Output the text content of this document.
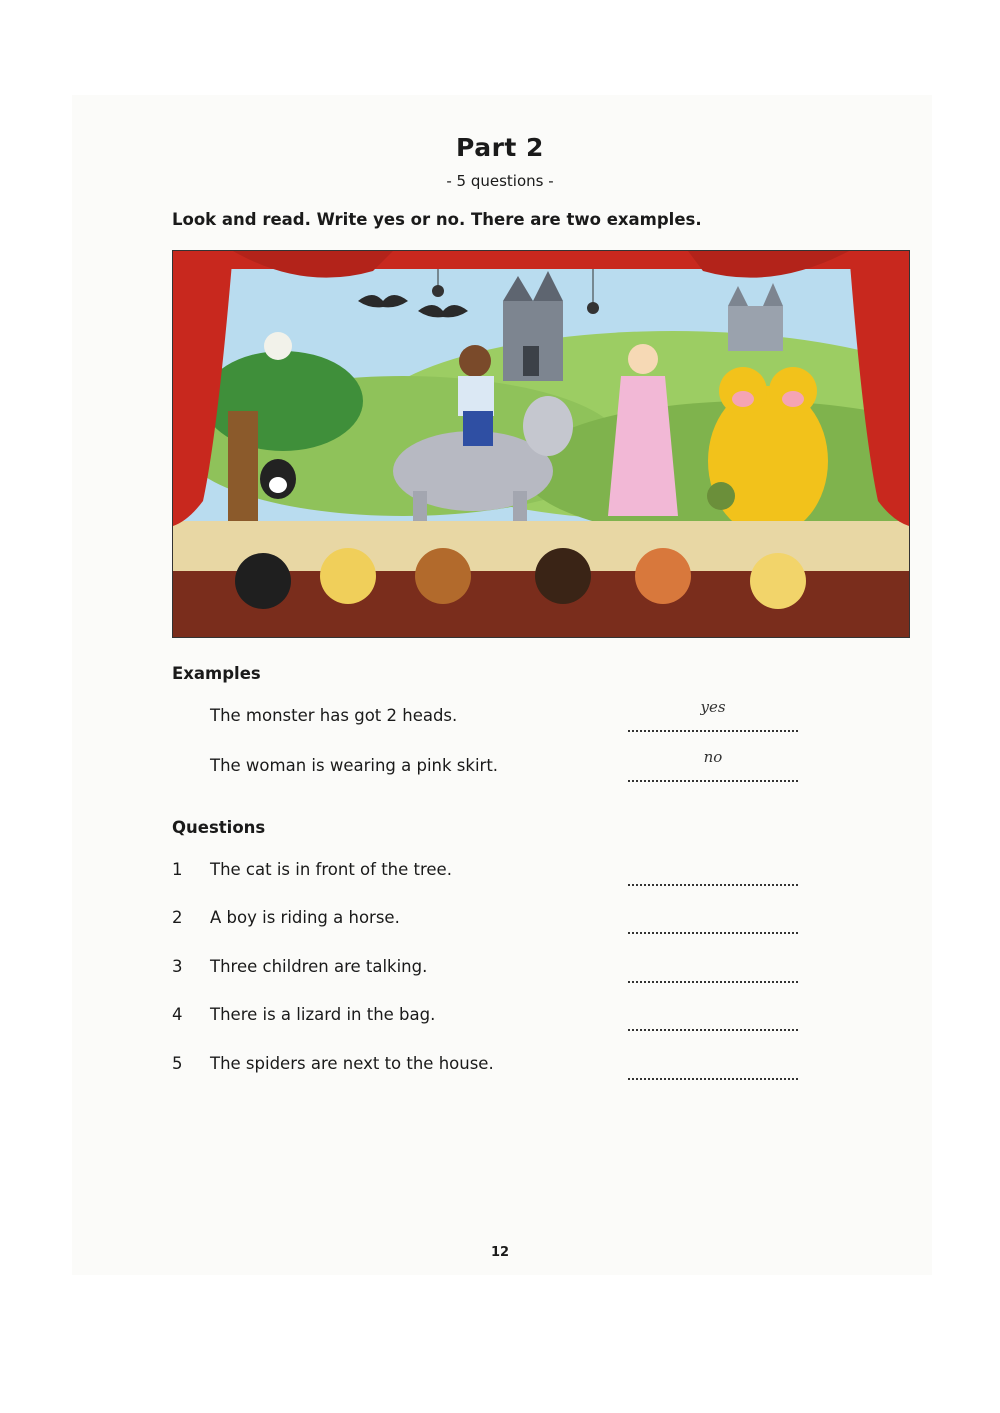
Part 2
- 5 questions -
Look and read. Write yes or no. There are two examples.
Examples
The monster has got 2 heads.	yes
The woman is wearing a pink skirt.	no
Questions
1	The cat is in front of the tree.
2	A boy is riding a horse.
3	Three children are talking.
4	There is a lizard in the bag.
5	The spiders are next to the house.
12
